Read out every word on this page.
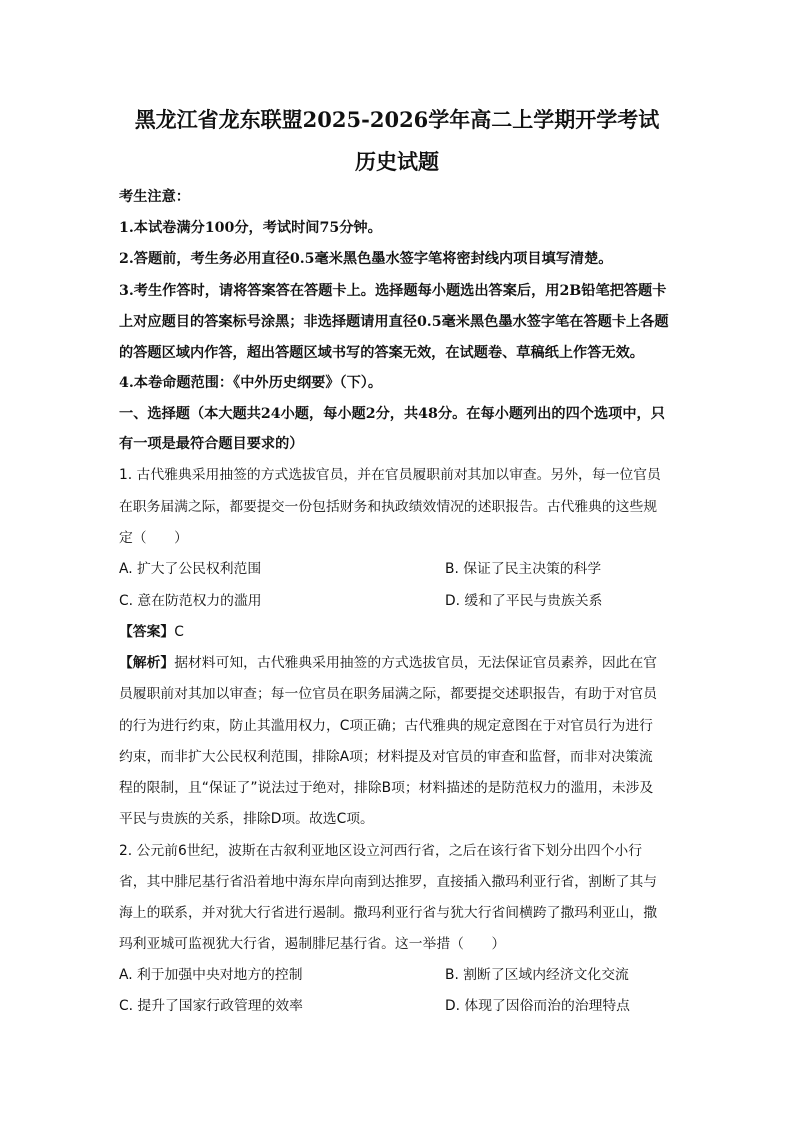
黑龙江省龙东联盟2025-2026学年高二上学期开学考试
历史试题
考生注意：
1.本试卷满分100分，考试时间75分钟。
2.答题前，考生务必用直径0.5毫米黑色墨水签字笔将密封线内项目填写清楚。
3.考生作答时，请将答案答在答题卡上。选择题每小题选出答案后，用2B铅笔把答题卡
上对应题目的答案标号涂黑；非选择题请用直径0.5毫米黑色墨水签字笔在答题卡上各题
的答题区域内作答，超出答题区域书写的答案无效，在试题卷、草稿纸上作答无效。
4.本卷命题范围：《中外历史纲要》（下）。
一、选择题（本大题共24小题，每小题2分，共48分。在每小题列出的四个选项中，只
有一项是最符合题目要求的）
1. 古代雅典采用抽签的方式选拔官员，并在官员履职前对其加以审查。另外，每一位官员
在职务届满之际，都要提交一份包括财务和执政绩效情况的述职报告。古代雅典的这些规
定（　　）
A. 扩大了公民权利范围	B. 保证了民主决策的科学
C. 意在防范权力的滥用	D. 缓和了平民与贵族关系
【答案】C
【解析】据材料可知，古代雅典采用抽签的方式选拔官员，无法保证官员素养，因此在官
员履职前对其加以审查；每一位官员在职务届满之际，都要提交述职报告，有助于对官员
的行为进行约束，防止其滥用权力，C项正确；古代雅典的规定意图在于对官员行为进行
约束，而非扩大公民权利范围，排除A项；材料提及对官员的审查和监督，而非对决策流
程的限制，且“保证了”说法过于绝对，排除B项；材料描述的是防范权力的滥用，未涉及
平民与贵族的关系，排除D项。故选C项。
2. 公元前6世纪，波斯在古叙利亚地区设立河西行省，之后在该行省下划分出四个小行
省，其中腓尼基行省沿着地中海东岸向南到达推罗，直接插入撒玛利亚行省，割断了其与
海上的联系，并对犹大行省进行遏制。撒玛利亚行省与犹大行省间横跨了撒玛利亚山，撒
玛利亚城可监视犹大行省，遏制腓尼基行省。这一举措（　　）
A. 利于加强中央对地方的控制	B. 割断了区域内经济文化交流
C. 提升了国家行政管理的效率	D. 体现了因俗而治的治理特点
